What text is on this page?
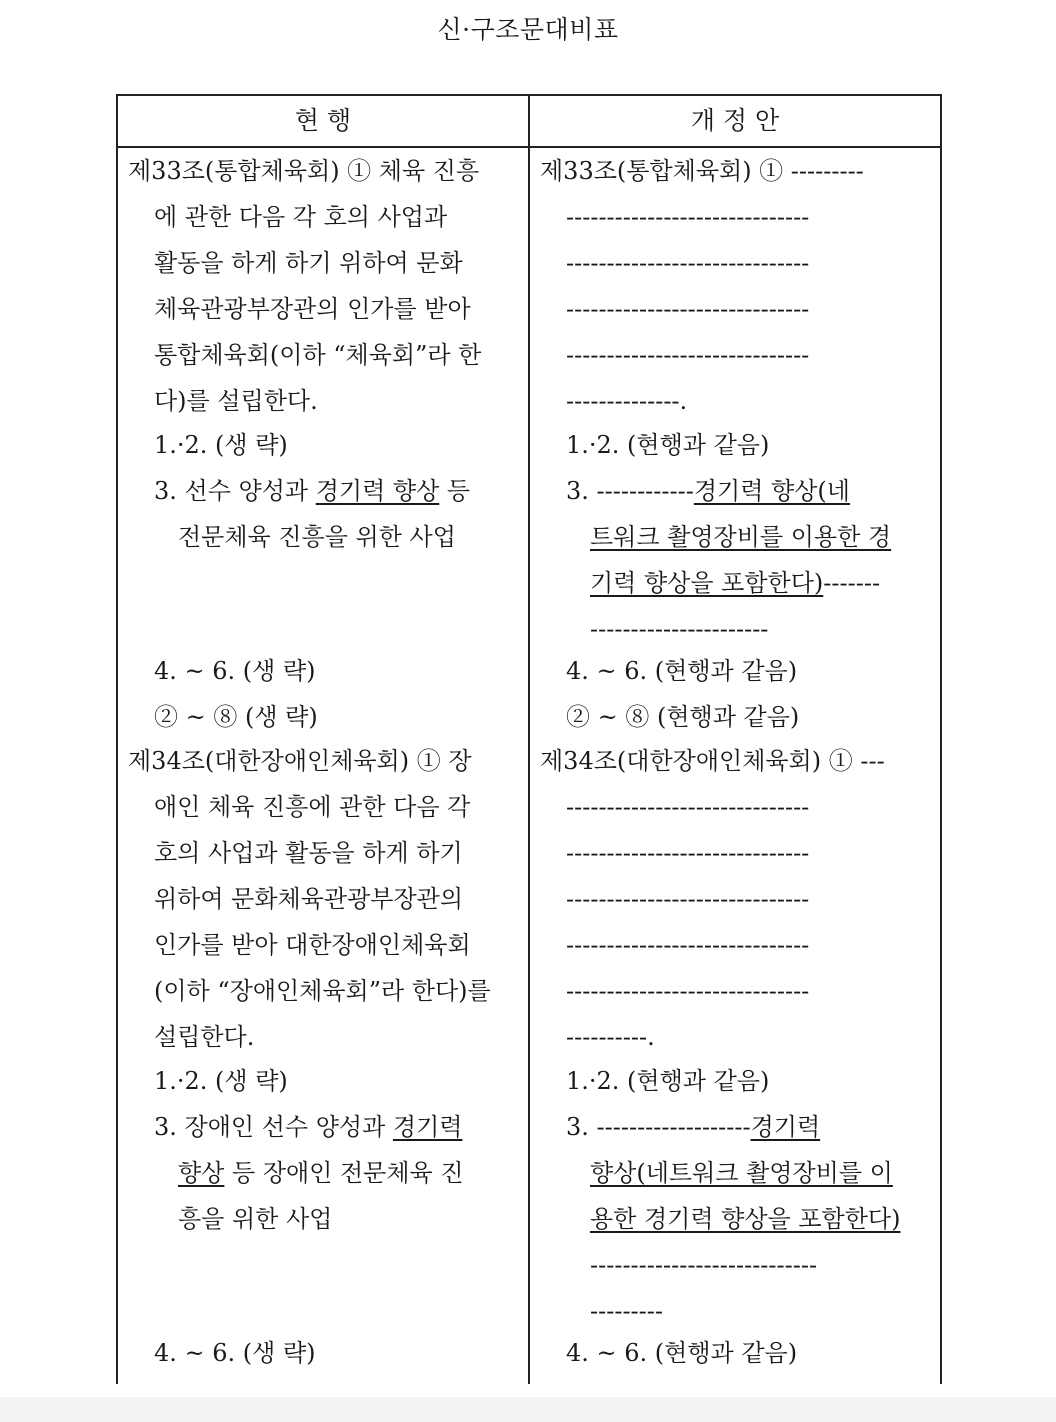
신·구조문대비표
현 행	개 정 안
제33조(통합체육회) ① 체육 진흥
에 관한 다음 각 호의 사업과
활동을 하게 하기 위하여 문화
체육관광부장관의 인가를 받아
통합체육회(이하 “체육회”라 한
다)를 설립한다.
1.·2. (생 략)
3. 선수 양성과 경기력 향상 등
전문체육 진흥을 위한 사업
4. ~ 6. (생 략)
② ~ ⑧ (생 략)
제34조(대한장애인체육회) ① 장
애인 체육 진흥에 관한 다음 각
호의 사업과 활동을 하게 하기
위하여 문화체육관광부장관의
인가를 받아 대한장애인체육회
(이하 “장애인체육회”라 한다)를
설립한다.
1.·2. (생 략)
3. 장애인 선수 양성과 경기력
향상 등 장애인 전문체육 진
흥을 위한 사업
4. ~ 6. (생 략)
제33조(통합체육회) ① ---------
------------------------------
------------------------------
------------------------------
------------------------------
--------------.
1.·2. (현행과 같음)
3. ------------경기력 향상(네
트워크 촬영장비를 이용한 경
기력 향상을 포함한다)-------
----------------------
4. ~ 6. (현행과 같음)
② ~ ⑧ (현행과 같음)
제34조(대한장애인체육회) ① ---
------------------------------
------------------------------
------------------------------
------------------------------
------------------------------
----------.
1.·2. (현행과 같음)
3. -------------------경기력
향상(네트워크 촬영장비를 이
용한 경기력 향상을 포함한다)
----------------------------
---------
4. ~ 6. (현행과 같음)
